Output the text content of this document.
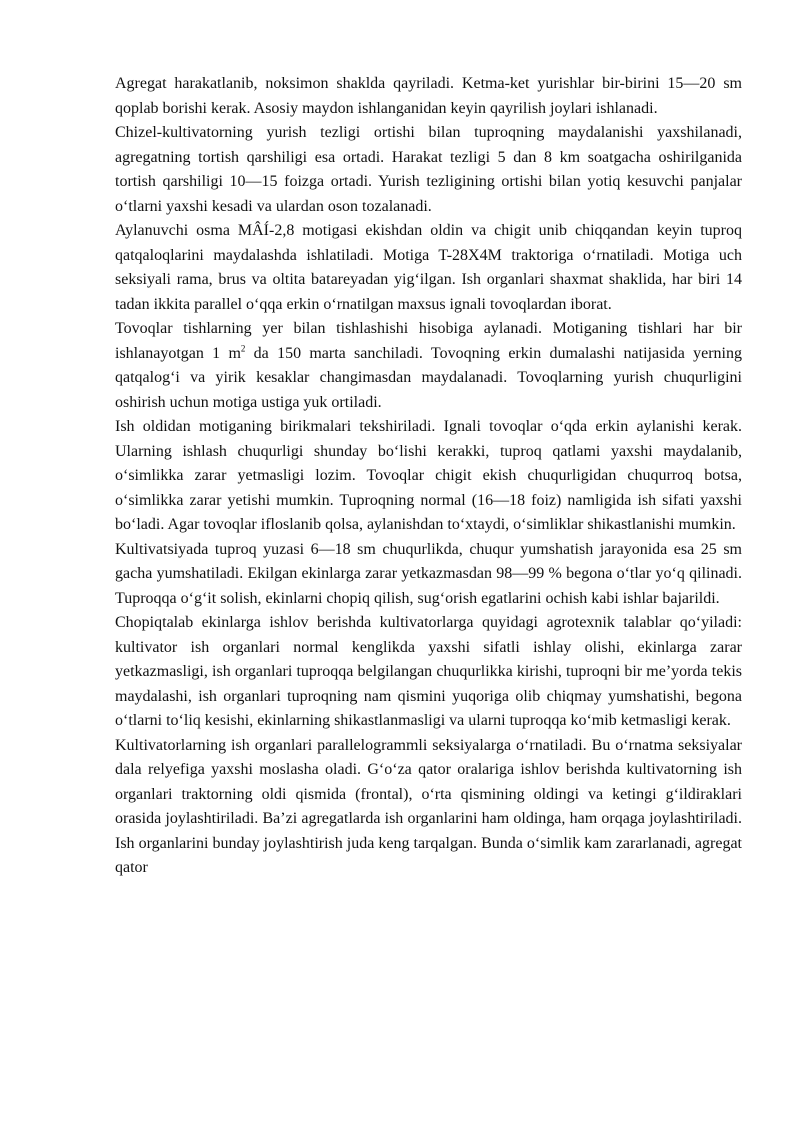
Agregat harakatlanib, noksimon shaklda qayriladi. Ketma-ket yurishlar bir-birini 15—20 sm qoplab borishi kerak. Asosiy maydon ishlanganidan keyin qayrilish joylari ishlanadi.

Chizel-kultivatorning yurish tezligi ortishi bilan tuproqning maydalanishi yaxshilanadi, agregatning tortish qarshiligi esa ortadi. Harakat tezligi 5 dan 8 km soatgacha oshirilganida tortish qarshiligi 10—15 foizga ortadi. Yurish tezligining ortishi bilan yotiq kesuvchi panjalar o‘tlarni yaxshi kesadi va ulardan oson tozalanadi.

Aylanuvchi osma MÂÍ-2,8 motigasi ekishdan oldin va chigit unib chiqqandan keyin tuproq qatqaloqlarini maydalashda ishlatiladi. Motiga T-28X4M traktoriga o‘rnatiladi. Motiga uch seksiyali rama, brus va oltita batareyadan yig‘ilgan. Ish organlari shaxmat shaklida, har biri 14 tadan ikkita parallel o‘qqa erkin o‘rnatilgan maxsus ignali tovoqlardan iborat.

Tovoqlar tishlarning yer bilan tishlashishi hisobiga aylanadi. Motiganing tishlari har bir ishlanayotgan 1 $m^2$ da 150 marta sanchiladi. Tovoqning erkin dumalashi natijasida yerning qatqalog‘i va yirik kesaklar changimasdan maydalanadi. Tovoqlarning yurish chuqurligini oshirish uchun motiga ustiga yuk ortiladi.

Ish oldidan motiganing birikmalari tekshiriladi. Ignali tovoqlar o‘qda erkin aylanishi kerak. Ularning ishlash chuqurligi shunday bo‘lishi kerakki, tuproq qatlami yaxshi maydalanib, o‘simlikka zarar yetmasligi lozim. Tovoqlar chigit ekish chuqurligidan chuqurroq botsa, o‘simlikka zarar yetishi mumkin. Tuproqning normal (16—18 foiz) namligida ish sifati yaxshi bo‘ladi. Agar tovoqlar ifloslanib qolsa, aylanishdan to‘xtaydi, o‘simliklar shikastlanishi mumkin.

Kultivatsiyada tuproq yuzasi 6—18 sm chuqurlikda, chuqur yumshatish jarayonida esa 25 sm gacha yumshatiladi. Ekilgan ekinlarga zarar yetkazmasdan 98—99 % begona o‘tlar yo‘q qilinadi. Tuproqqa o‘g‘it solish, ekinlarni chopiq qilish, sug‘orish egatlarini ochish kabi ishlar bajarildi.

Chopiqtalab ekinlarga ishlov berishda kultivatorlarga quyidagi agrotexnik talablar qo‘yiladi: kultivator ish organlari normal kenglikda yaxshi sifatli ishlay olishi, ekinlarga zarar yetkazmasligi, ish organlari tuproqqa belgilangan chuqurlikka kirishi, tuproqni bir me’yorda tekis maydalashi, ish organlari tuproqning nam qismini yuqoriga olib chiqmay yumshatishi, begona o‘tlarni to‘liq kesishi, ekinlarning shikastlanmasligi va ularni tuproqqa ko‘mib ketmasligi kerak.

Kultivatorlarning ish organlari parallelogrammli seksiyalarga o‘rnatiladi. Bu o‘rnatma seksiyalar dala relyefiga yaxshi moslasha oladi. G‘o‘za qator oralariga ishlov berishda kultivatorning ish organlari traktorning oldi qismida (frontal), o‘rta qismining oldingi va ketingi g‘ildiraklari orasida joylashtiriladi. Ba’zi agregatlarda ish organlarini ham oldinga, ham orqaga joylashtiriladi. Ish organlarini bunday joylashtirish juda keng tarqalgan. Bunda o‘simlik kam zararlanadi, agregat qator
